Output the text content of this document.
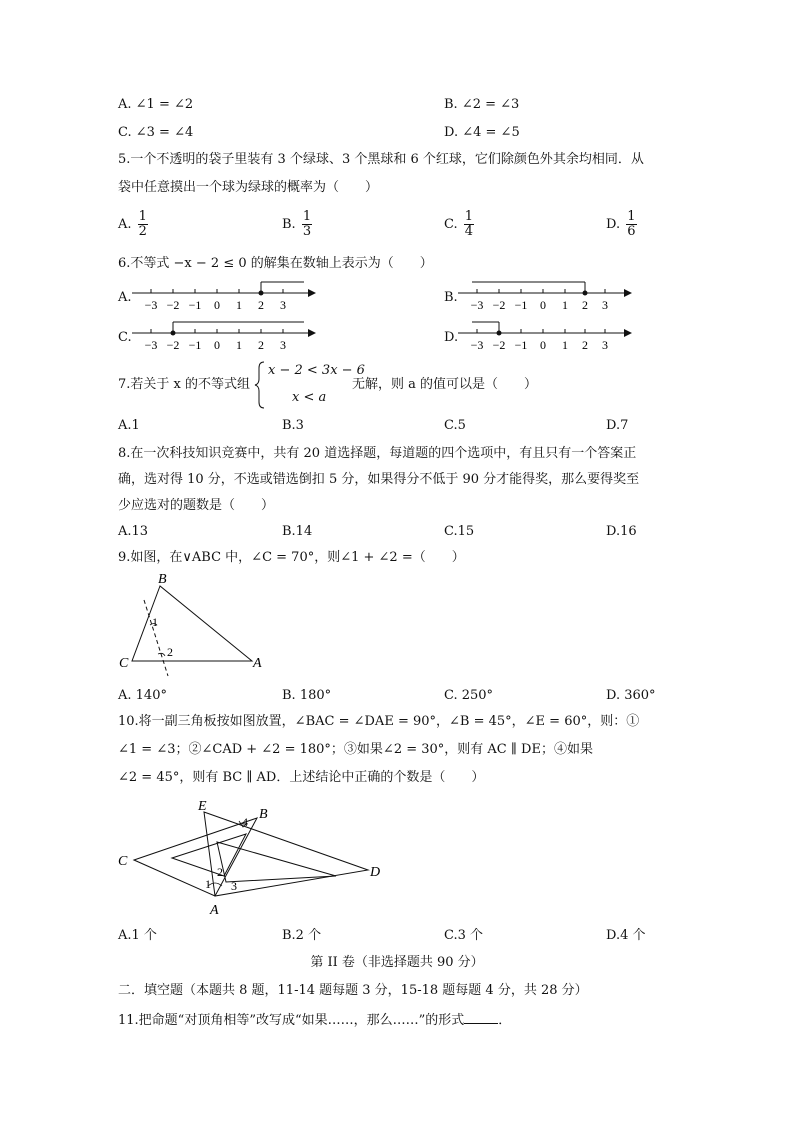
A. ∠1 = ∠2	B. ∠2 = ∠3
C. ∠3 = ∠4	D. ∠4 = ∠5
5.一个不透明的袋子里装有 3 个绿球、3 个黑球和 6 个红球，它们除颜色外其余均相同．从
袋中任意摸出一个球为绿球的概率为（　　）
A. $\frac{1}{2}$	B. $\frac{1}{3}$	C. $\frac{1}{4}$	D. $\frac{1}{6}$
6.不等式 −x − 2 ≤ 0 的解集在数轴上表示为（　　）
A.	B.
C.	D.
−3 −2 −1 0 1 2 3	−3 −2 −1 0 1 2 3
−3 −2 −1 0 1 2 3	−3 −2 −1 0 1 2 3
7.若关于 x 的不等式组
x − 2 < 3x − 6
x < a
无解，则 a 的值可以是（　　）
A.1	B.3	C.5	D.7
8.在一次科技知识竞赛中，共有 20 道选择题，每道题的四个选项中，有且只有一个答案正
确，选对得 10 分，不选或错选倒扣 5 分，如果得分不低于 90 分才能得奖，那么要得奖至
少应选对的题数是（　　）
A.13	B.14	C.15	D.16
9.如图，在∨ABC 中，∠C = 70°，则∠1 + ∠2 =（　　）
B
C	A
1
2
A. 140°	B. 180°	C. 250°	D. 360°
10.将一副三角板按如图放置，∠BAC = ∠DAE = 90°，∠B = 45°，∠E = 60°，则：①
∠1 = ∠3；②∠CAD + ∠2 = 180°；③如果∠2 = 30°，则有 AC ∥ DE；④如果
∠2 = 45°，则有 BC ∥ AD．上述结论中正确的个数是（　　）
E
B
C
D
A
1
2
3
4
A.1 个	B.2 个	C.3 个	D.4 个
第 II 卷（非选择题共 90 分）
二．填空题（本题共 8 题，11-14 题每题 3 分，15-18 题每题 4 分，共 28 分）
11.把命题“对顶角相等”改写成“如果……，那么……”的形式	．
